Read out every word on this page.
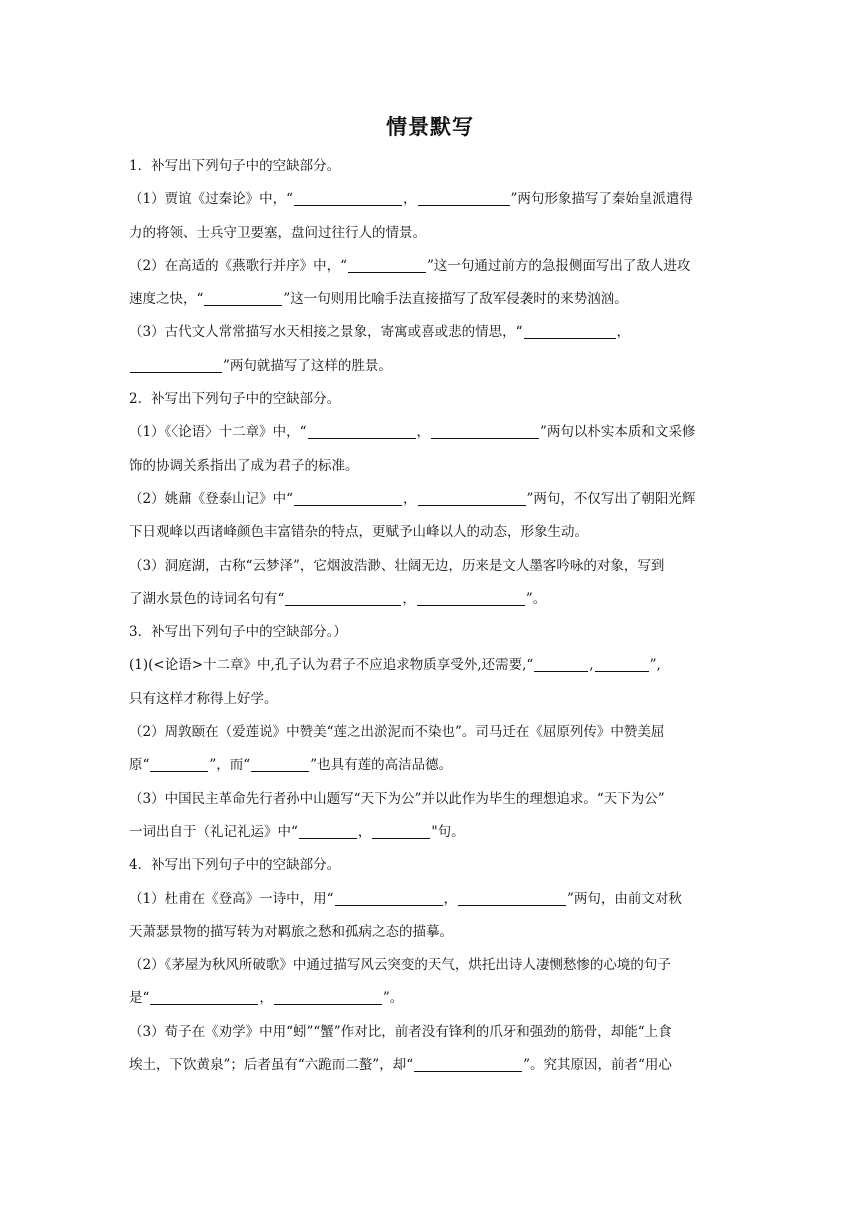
情景默写

1．补写出下列句子中的空缺部分。

（1）贾谊《过秦论》中，“	，	”两句形象描写了秦始皇派遣得

力的将领、士兵守卫要塞，盘问过往行人的情景。

（2）在高适的《燕歌行并序》中，“	”这一句通过前方的急报侧面写出了敌人进攻

速度之快，“	”这一句则用比喻手法直接描写了敌军侵袭时的来势汹汹。

（3）古代文人常常描写水天相接之景象，寄寓或喜或悲的情思，“	，

”两句就描写了这样的胜景。

2．补写出下列句子中的空缺部分。

（1）《〈论语〉十二章》中，“	，	”两句以朴实本质和文采修

饰的协调关系指出了成为君子的标准。

（2）姚鼐《登泰山记》中“	，	”两句，不仅写出了朝阳光辉

下日观峰以西诸峰颜色丰富错杂的特点，更赋予山峰以人的动态，形象生动。

（3）洞庭湖，古称“云梦泽”，它烟波浩渺、壮阔无边，历来是文人墨客吟咏的对象，写到

了湖水景色的诗词名句有“	，	”。

3．补写出下列句子中的空缺部分。）

(1)(<论语>十二章》中,孔子认为君子不应追求物质享受外,还需要,“	,	”,

只有这样才称得上好学。

（2）周敦颐在（爱莲说》中赞美“莲之出淤泥而不染也”。司马迁在《屈原列传》中赞美屈

原“	”，而“	”也具有莲的高洁品德。

（3）中国民主革命先行者孙中山题写“天下为公”并以此作为毕生的理想追求。“天下为公”

一词出自于（礼记礼运》中“	，	"句。

4．补写出下列句子中的空缺部分。

（1）杜甫在《登高》一诗中，用“	，	”两句，由前文对秋

天萧瑟景物的描写转为对羁旅之愁和孤病之态的描摹。

（2）《茅屋为秋风所破歌》中通过描写风云突变的天气，烘托出诗人凄恻愁惨的心境的句子

是“	，	”。

（3）荀子在《劝学》中用“蚓”“蟹”作对比，前者没有锋利的爪牙和强劲的筋骨，却能“上食

埃土，下饮黄泉”；后者虽有“六跪而二螯”，却“	”。究其原因，前者“用心
